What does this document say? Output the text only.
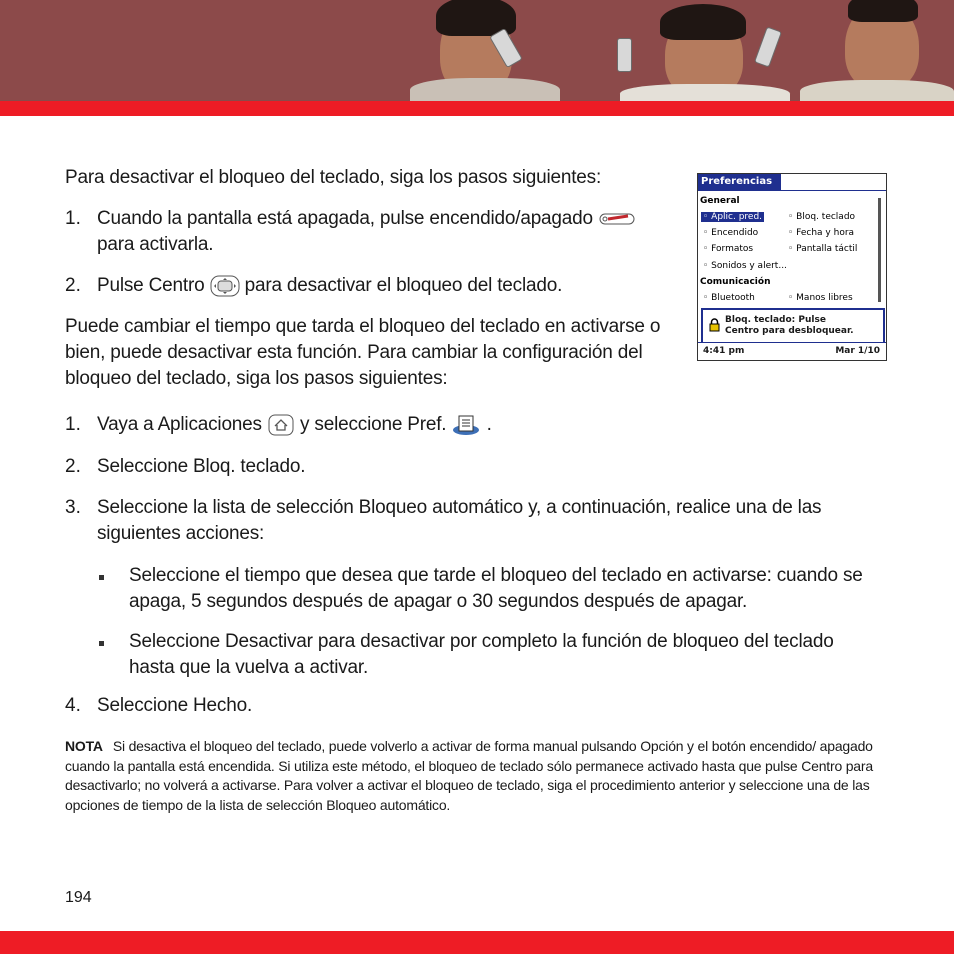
Para desactivar el bloqueo del teclado, siga los pasos siguientes:
1. Cuando la pantalla está apagada, pulse encendido/apagado
para activarla.
2. Pulse Centro para desactivar el bloqueo del teclado.
Puede cambiar el tiempo que tarda el bloqueo del teclado en activarse o
bien, puede desactivar esta función. Para cambiar la configuración del
bloqueo del teclado, siga los pasos siguientes:
1. Vaya a Aplicaciones y seleccione Pref. .
2. Seleccione Bloq. teclado.
3. Seleccione la lista de selección Bloqueo automático y, a continuación, realice una de las
siguientes acciones:
Seleccione el tiempo que desea que tarde el bloqueo del teclado en activarse: cuando se
apaga, 5 segundos después de apagar o 30 segundos después de apagar.
Seleccione Desactivar para desactivar por completo la función de bloqueo del teclado
hasta que la vuelva a activar.
4. Seleccione Hecho.
NOTA Si desactiva el bloqueo del teclado, puede volverlo a activar de forma manual pulsando Opción y el botón encendido/ apagado cuando la pantalla está encendida. Si utiliza este método, el bloqueo de teclado sólo permanece activado hasta que pulse Centro para desactivarlo; no volverá a activarse. Para volver a activar el bloqueo de teclado, siga el procedimiento anterior y seleccione una de las opciones de tiempo de la lista de selección Bloqueo automático.
Preferencias
General
◦ Aplic. pred.
◦ Encendido
◦ Formatos
◦ Sonidos y alert...
◦ Bloq. teclado
◦ Fecha y hora
◦ Pantalla táctil
Comunicación
◦ Bluetooth	◦ Manos libres
Bloq. teclado: Pulse
Centro para desbloquear.
4:41 pm	Mar 1/10
194
